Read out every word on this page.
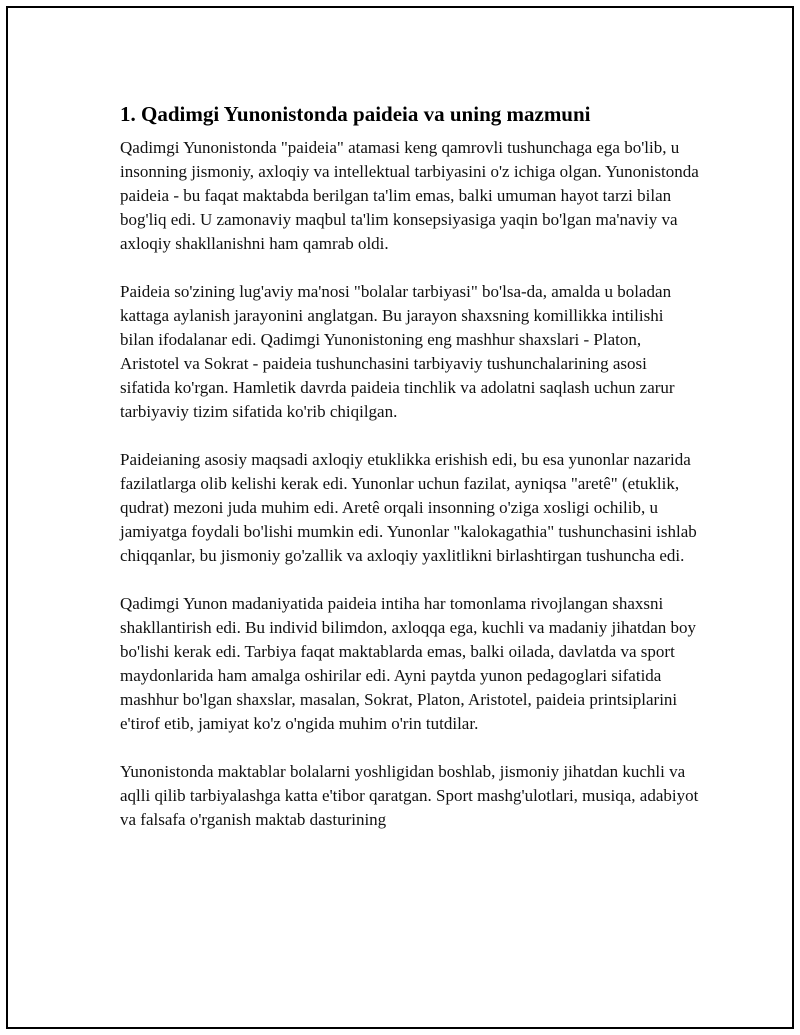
1. Qadimgi Yunonistonda paideia va uning mazmuni

Qadimgi Yunonistonda "paideia" atamasi keng qamrovli tushunchaga ega bo'lib, u insonning jismoniy, axloqiy va intellektual tarbiyasini o'z ichiga olgan. Yunonistonda paideia - bu faqat maktabda berilgan ta'lim emas, balki umuman hayot tarzi bilan bog'liq edi. U zamonaviy maqbul ta'lim konsepsiyasiga yaqin bo'lgan ma'naviy va axloqiy shakllanishni ham qamrab oldi.

Paideia so'zining lug'aviy ma'nosi "bolalar tarbiyasi" bo'lsa-da, amalda u boladan kattaga aylanish jarayonini anglatgan. Bu jarayon shaxsning komillikka intilishi bilan ifodalanar edi. Qadimgi Yunonistoning eng mashhur shaxslari - Platon, Aristotel va Sokrat - paideia tushunchasini tarbiyaviy tushunchalarining asosi sifatida ko'rgan. Hamletik davrda paideia tinchlik va adolatni saqlash uchun zarur tarbiyaviy tizim sifatida ko'rib chiqilgan.

Paideianing asosiy maqsadi axloqiy etuklikka erishish edi, bu esa yunonlar nazarida fazilatlarga olib kelishi kerak edi. Yunonlar uchun fazilat, ayniqsa "aretê" (etuklik, qudrat) mezoni juda muhim edi. Aretê orqali insonning o'ziga xosligi ochilib, u jamiyatga foydali bo'lishi mumkin edi. Yunonlar "kalokagathia" tushunchasini ishlab chiqqanlar, bu jismoniy go'zallik va axloqiy yaxlitlikni birlashtirgan tushuncha edi.

Qadimgi Yunon madaniyatida paideia intiha har tomonlama rivojlangan shaxsni shakllantirish edi. Bu individ bilimdon, axloqqa ega, kuchli va madaniy jihatdan boy bo'lishi kerak edi. Tarbiya faqat maktablarda emas, balki oilada, davlatda va sport maydonlarida ham amalga oshirilar edi. Ayni paytda yunon pedagoglari sifatida mashhur bo'lgan shaxslar, masalan, Sokrat, Platon, Aristotel, paideia printsiplarini e'tirof etib, jamiyat ko'z o'ngida muhim o'rin tutdilar.

Yunonistonda maktablar bolalarni yoshligidan boshlab, jismoniy jihatdan kuchli va aqlli qilib tarbiyalashga katta e'tibor qaratgan. Sport mashg'ulotlari, musiqa, adabiyot va falsafa o'rganish maktab dasturining
